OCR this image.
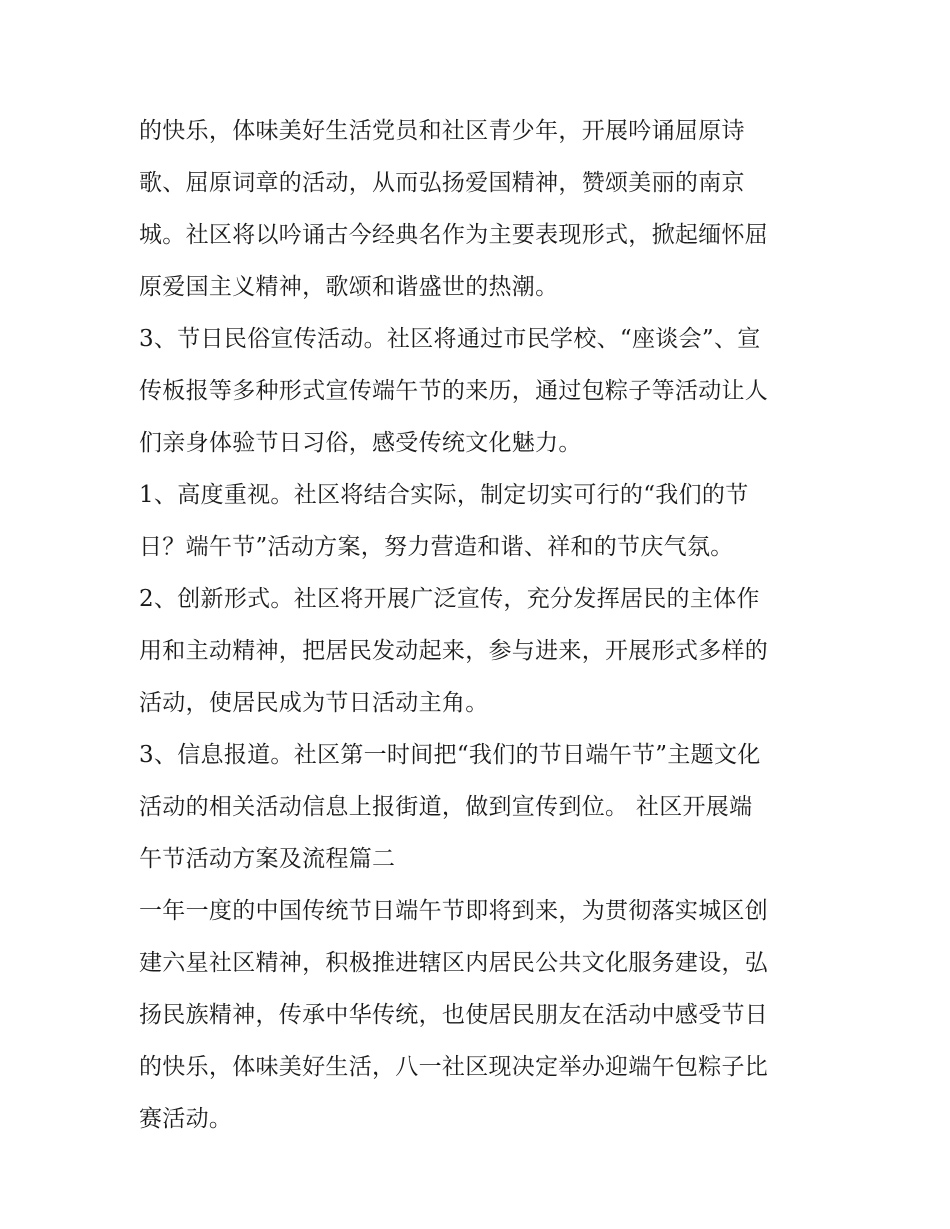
的快乐，体味美好生活党员和社区青少年，开展吟诵屈原诗
歌、屈原词章的活动，从而弘扬爱国精神，赞颂美丽的南京
城。社区将以吟诵古今经典名作为主要表现形式，掀起缅怀屈
原爱国主义精神，歌颂和谐盛世的热潮。
3、节日民俗宣传活动。社区将通过市民学校、“座谈会”、宣
传板报等多种形式宣传端午节的来历，通过包粽子等活动让人
们亲身体验节日习俗，感受传统文化魅力。
1、高度重视。社区将结合实际，制定切实可行的“我们的节
日？端午节”活动方案，努力营造和谐、祥和的节庆气氛。
2、创新形式。社区将开展广泛宣传，充分发挥居民的主体作
用和主动精神，把居民发动起来，参与进来，开展形式多样的
活动，使居民成为节日活动主角。
3、信息报道。社区第一时间把“我们的节日端午节”主题文化
活动的相关活动信息上报街道，做到宣传到位。 社区开展端
午节活动方案及流程篇二
一年一度的中国传统节日端午节即将到来，为贯彻落实城区创
建六星社区精神，积极推进辖区内居民公共文化服务建设，弘
扬民族精神，传承中华传统，也使居民朋友在活动中感受节日
的快乐，体味美好生活，八一社区现决定举办迎端午包粽子比
赛活动。
